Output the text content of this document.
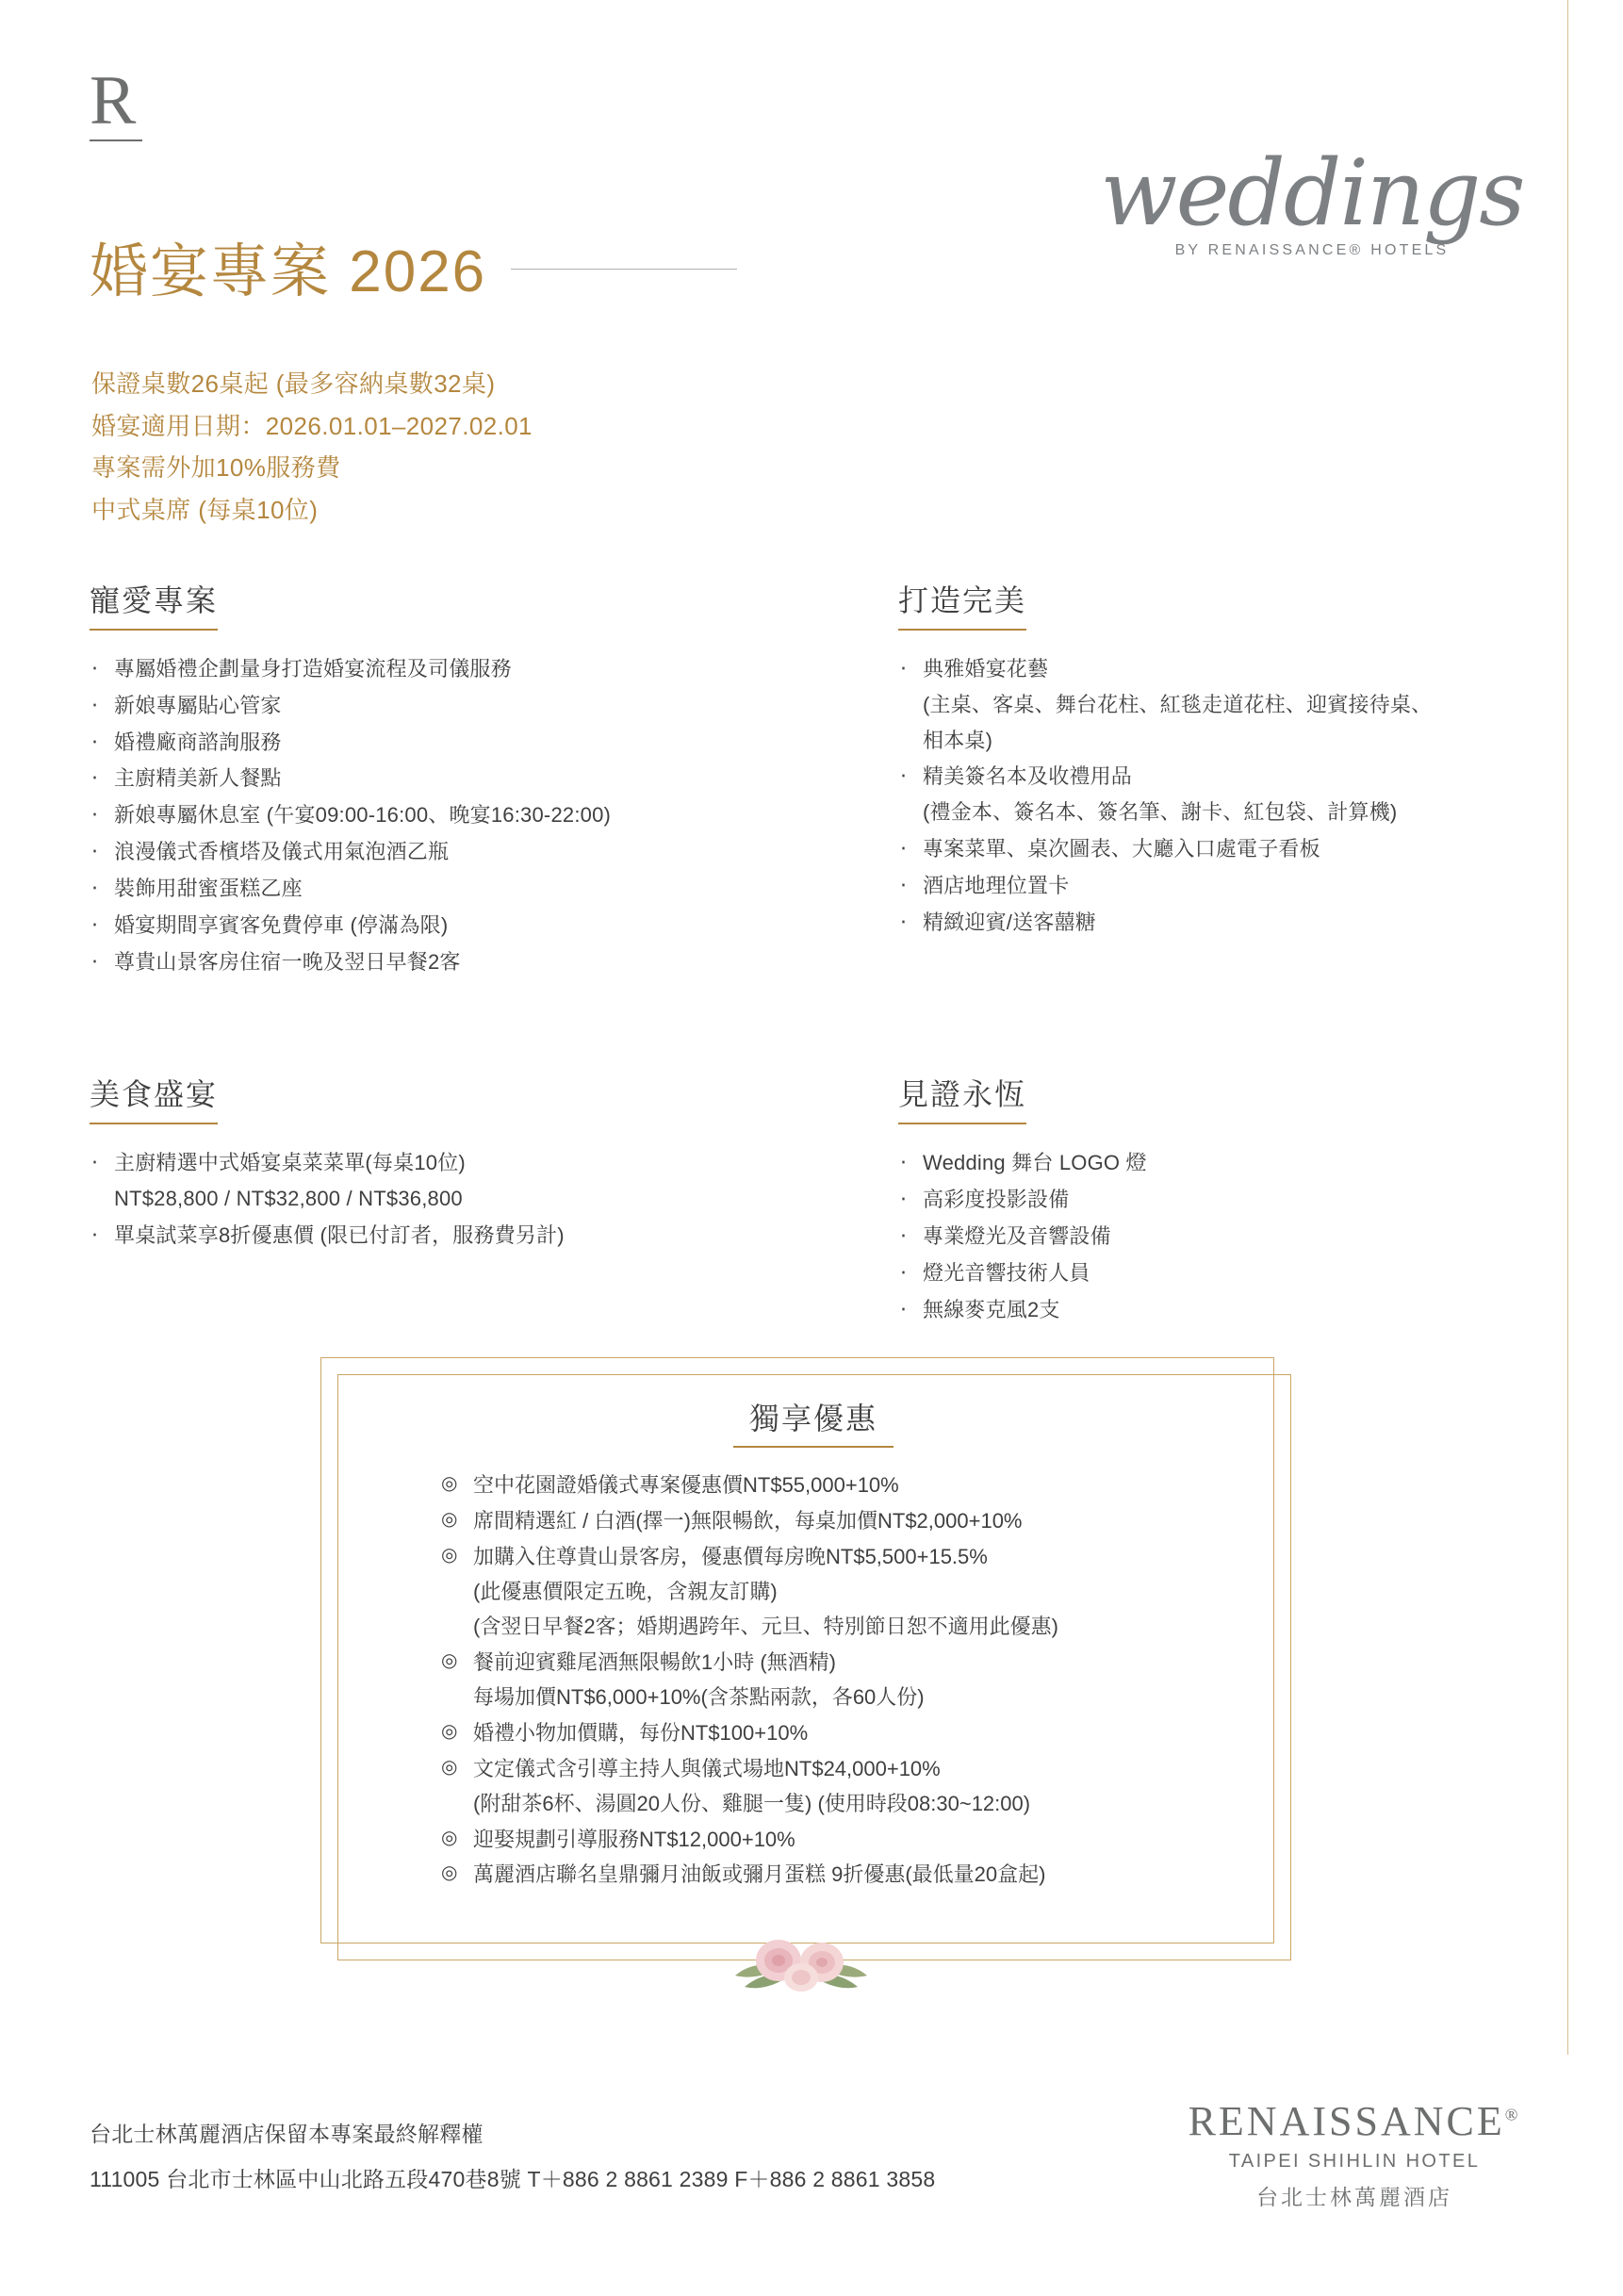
R
weddings
BY RENAISSANCE® HOTELS
婚宴專案 2026
保證桌數26桌起 (最多容納桌數32桌)
婚宴適用日期：2026.01.01–2027.02.01
專案需外加10%服務費
中式桌席 (每桌10位)
寵愛專案
‧ 專屬婚禮企劃量身打造婚宴流程及司儀服務
‧ 新娘專屬貼心管家
‧ 婚禮廠商諮詢服務
‧ 主廚精美新人餐點
‧ 新娘專屬休息室 (午宴09:00-16:00、晚宴16:30-22:00)
‧ 浪漫儀式香檳塔及儀式用氣泡酒乙瓶
‧ 裝飾用甜蜜蛋糕乙座
‧ 婚宴期間享賓客免費停車 (停滿為限)
‧ 尊貴山景客房住宿一晚及翌日早餐2客
打造完美
‧ 典雅婚宴花藝
(主桌、客桌、舞台花柱、紅毯走道花柱、迎賓接待桌、
相本桌)
‧ 精美簽名本及收禮用品
(禮金本、簽名本、簽名筆、謝卡、紅包袋、計算機)
‧ 專案菜單、桌次圖表、大廳入口處電子看板
‧ 酒店地理位置卡
‧ 精緻迎賓/送客囍糖
美食盛宴
‧ 主廚精選中式婚宴桌菜菜單(每桌10位)
NT$28,800 / NT$32,800 / NT$36,800
‧ 單桌試菜享8折優惠價 (限已付訂者，服務費另計)
見證永恆
‧ Wedding 舞台 LOGO 燈
‧ 高彩度投影設備
‧ 專業燈光及音響設備
‧ 燈光音響技術人員
‧ 無線麥克風2支
獨享優惠
◎ 空中花園證婚儀式專案優惠價NT$55,000+10%
◎ 席間精選紅 / 白酒(擇一)無限暢飲，每桌加價NT$2,000+10%
◎ 加購入住尊貴山景客房，優惠價每房晚NT$5,500+15.5%
(此優惠價限定五晚，含親友訂購)
(含翌日早餐2客；婚期遇跨年、元旦、特別節日恕不適用此優惠)
◎ 餐前迎賓雞尾酒無限暢飲1小時 (無酒精)
每場加價NT$6,000+10%(含茶點兩款，各60人份)
◎ 婚禮小物加價購，每份NT$100+10%
◎ 文定儀式含引導主持人與儀式場地NT$24,000+10%
(附甜茶6杯、湯圓20人份、雞腿一隻) (使用時段08:30~12:00)
◎ 迎娶規劃引導服務NT$12,000+10%
◎ 萬麗酒店聯名皇鼎彌月油飯或彌月蛋糕 9折優惠(最低量20盒起)
台北士林萬麗酒店保留本專案最終解釋權
111005 台北市士林區中山北路五段470巷8號 T＋886 2 8861 2389 F＋886 2 8861 3858
RENAISSANCE®
TAIPEI SHIHLIN HOTEL
台北士林萬麗酒店
